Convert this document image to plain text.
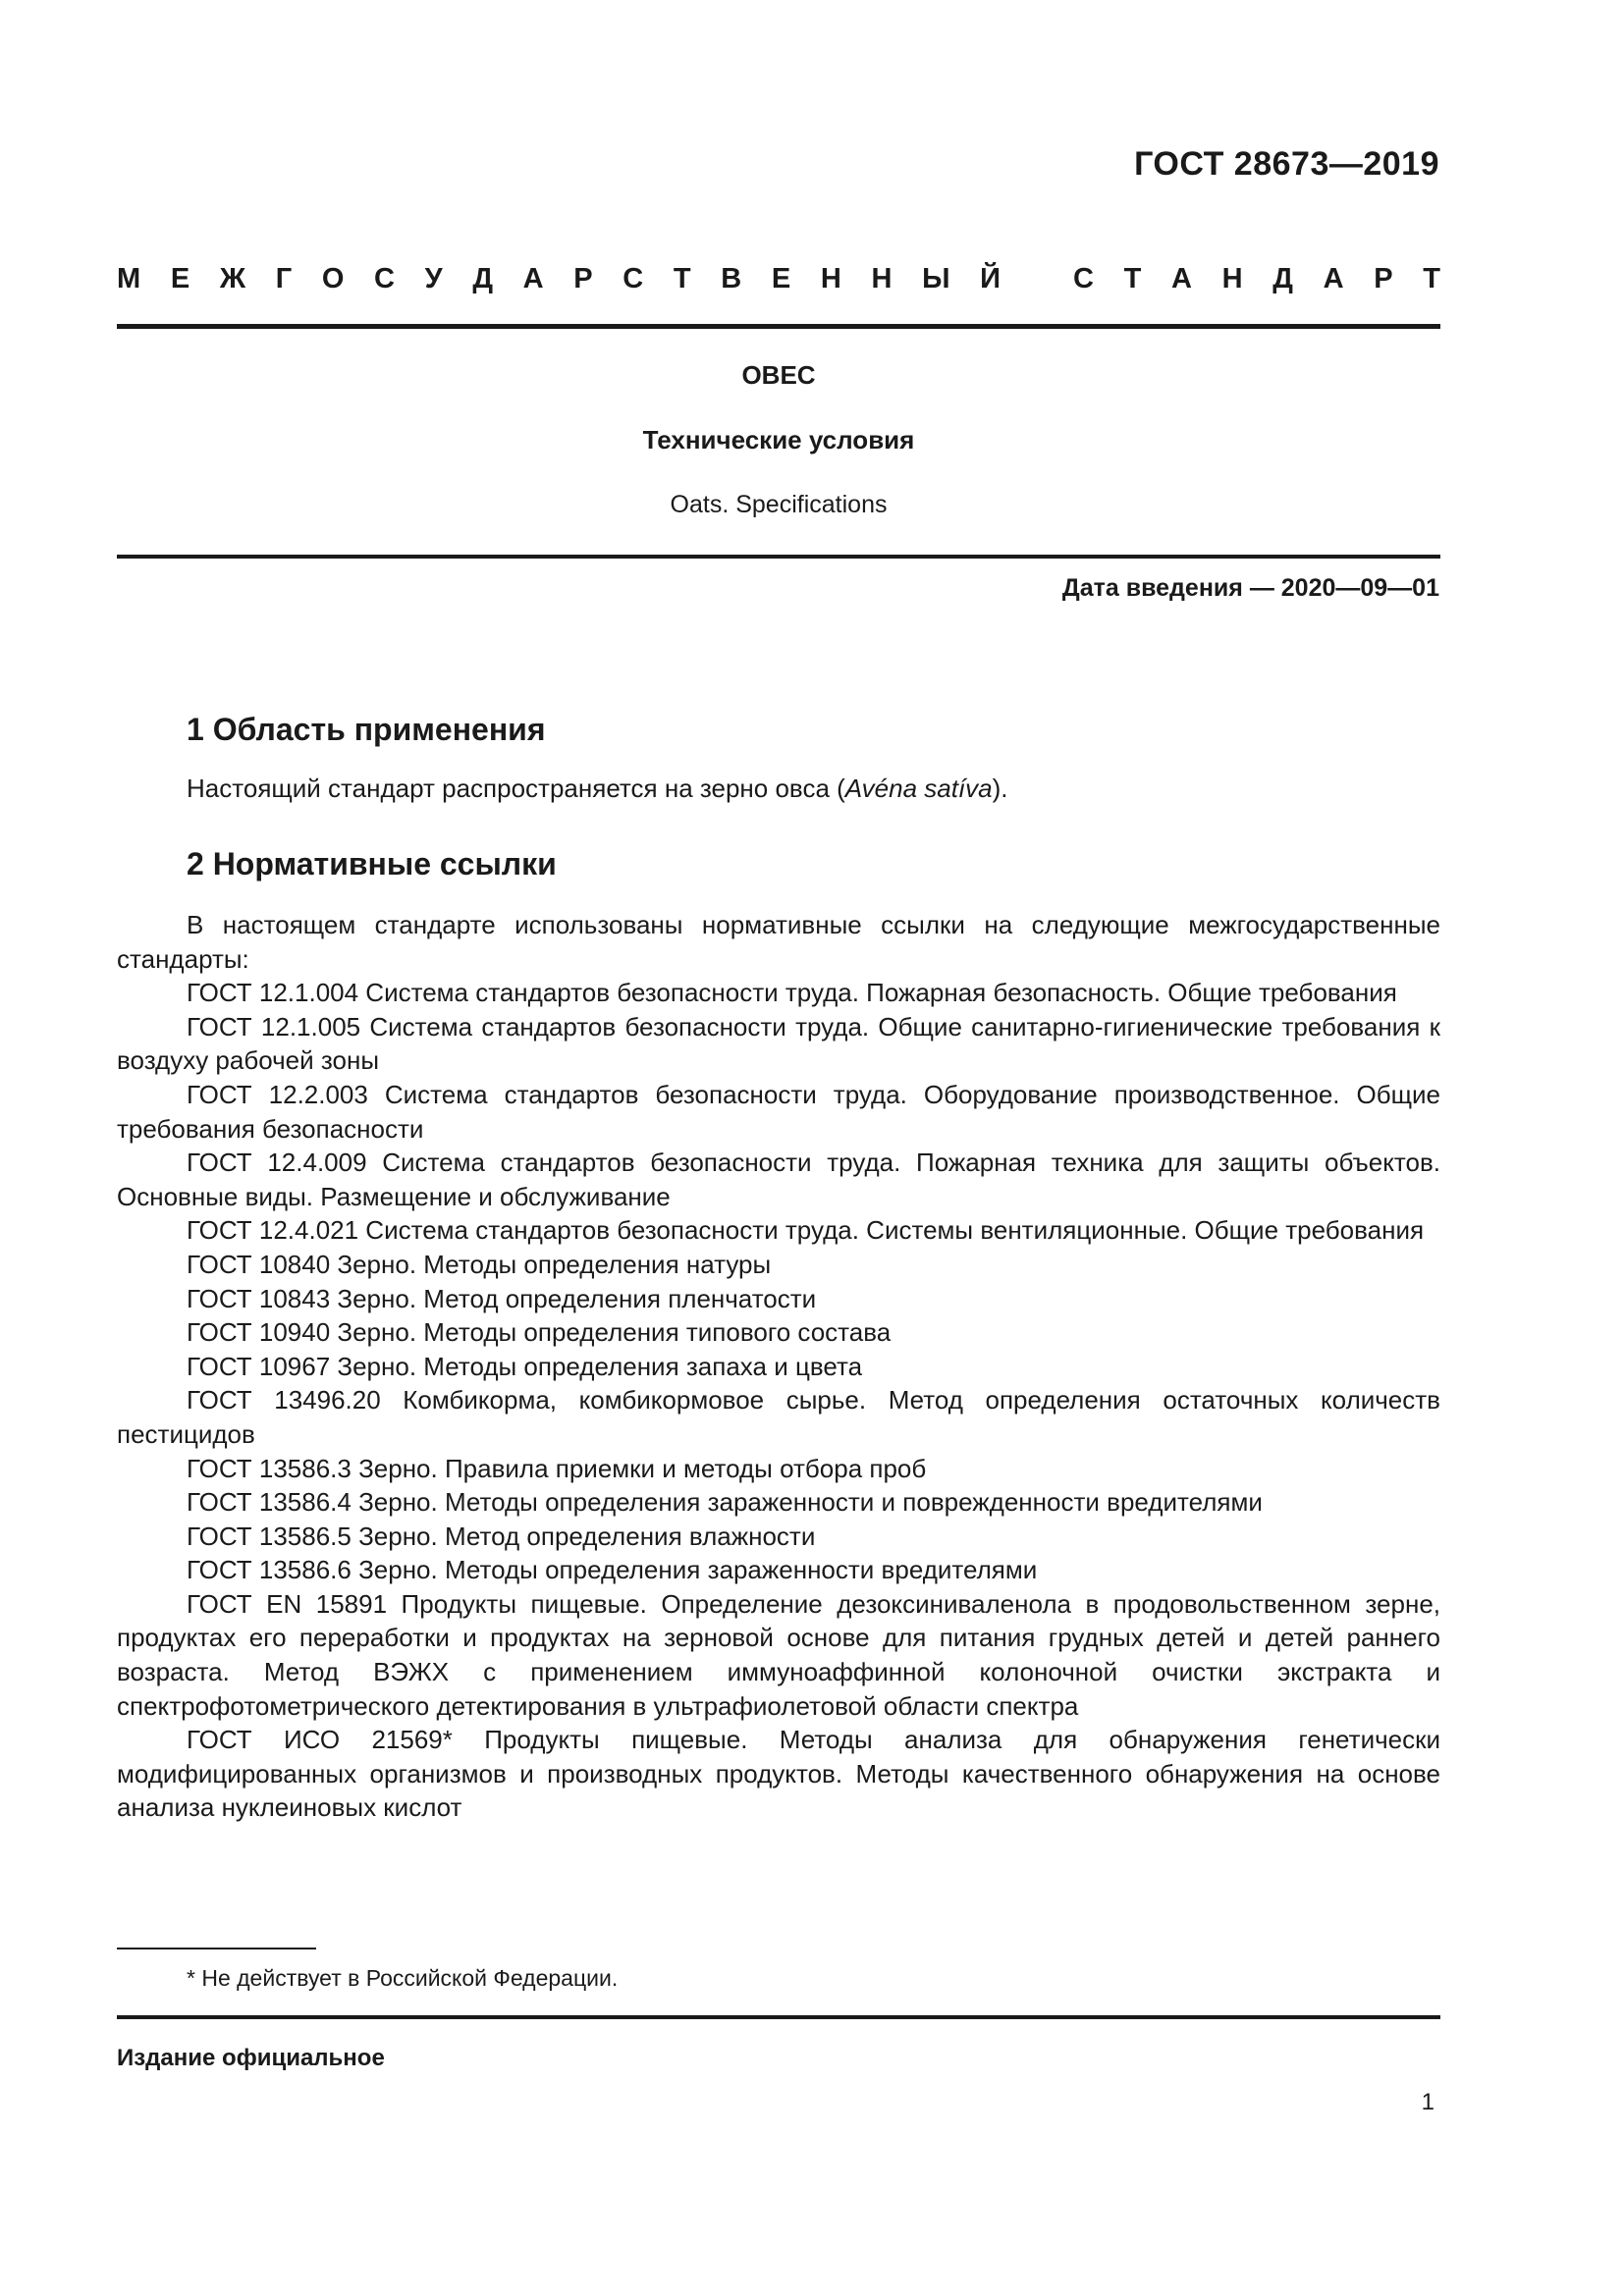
ГОСТ 28673—2019
М Е Ж Г О С У Д А Р С Т В Е Н Н Ы Й	С Т А Н Д А Р Т
ОВЕС
Технические условия
Oats. Specifications
Дата введения — 2020—09—01
1 Область применения
Настоящий стандарт распространяется на зерно овса (Avéna satíva).
2 Нормативные ссылки

В настоящем стандарте использованы нормативные ссылки на следующие межгосударственные стандарты:

ГОСТ 12.1.004 Система стандартов безопасности труда. Пожарная безопасность. Общие требования

ГОСТ 12.1.005 Система стандартов безопасности труда. Общие санитарно-гигиенические требования к воздуху рабочей зоны

ГОСТ 12.2.003 Система стандартов безопасности труда. Оборудование производственное. Общие требования безопасности

ГОСТ 12.4.009 Система стандартов безопасности труда. Пожарная техника для защиты объектов. Основные виды. Размещение и обслуживание

ГОСТ 12.4.021 Система стандартов безопасности труда. Системы вентиляционные. Общие требования

ГОСТ 10840 Зерно. Методы определения натуры

ГОСТ 10843 Зерно. Метод определения пленчатости

ГОСТ 10940 Зерно. Методы определения типового состава

ГОСТ 10967 Зерно. Методы определения запаха и цвета

ГОСТ 13496.20 Комбикорма, комбикормовое сырье. Метод определения остаточных количеств пестицидов

ГОСТ 13586.3 Зерно. Правила приемки и методы отбора проб

ГОСТ 13586.4 Зерно. Методы определения зараженности и поврежденности вредителями

ГОСТ 13586.5 Зерно. Метод определения влажности

ГОСТ 13586.6 Зерно. Методы определения зараженности вредителями

ГОСТ EN 15891 Продукты пищевые. Определение дезоксиниваленола в продовольственном зерне, продуктах его переработки и продуктах на зерновой основе для питания грудных детей и детей раннего возраста. Метод ВЭЖХ с применением иммуноаффинной колоночной очистки экстракта и спектрофотометрического детектирования в ультрафиолетовой области спектра

ГОСТ ИСО 21569* Продукты пищевые. Методы анализа для обнаружения генетически модифицированных организмов и производных продуктов. Методы качественного обнаружения на основе анализа нуклеиновых кислот

* Не действует в Российской Федерации.
Издание официальное
1
